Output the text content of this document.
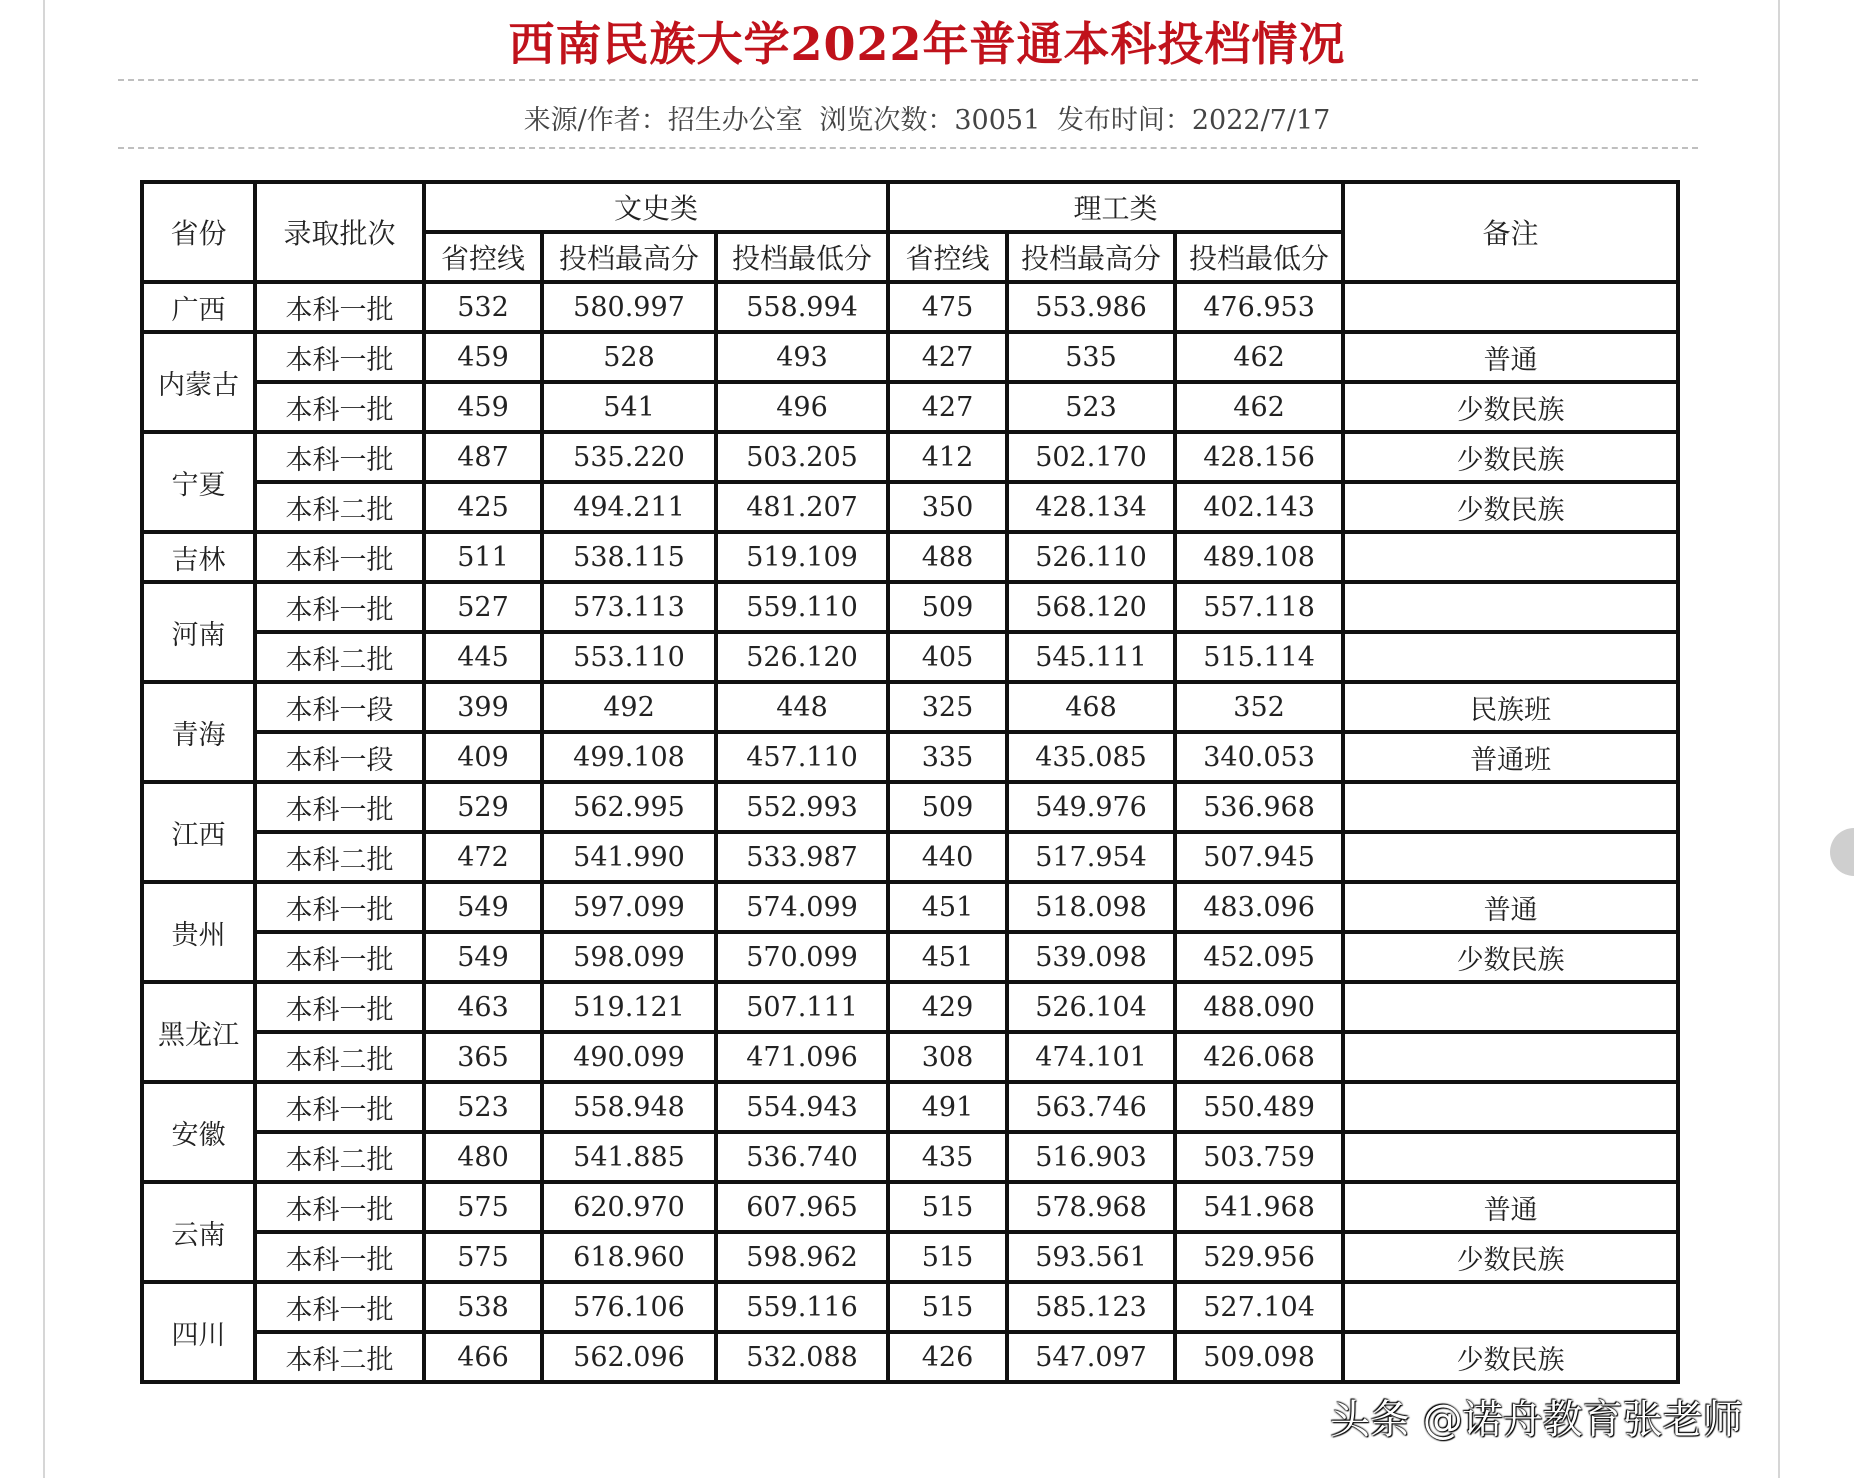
西南民族大学2022年普通本科投档情况
来源/作者：招生办公室 浏览次数：30051 发布时间：2022/7/17
省份	录取批次	文史类			理工类			备注
		省控线	投档最高分	投档最低分	省控线	投档最高分	投档最低分	
广西	本科一批	532	580.997	558.994	475	553.986	476.953	
内蒙古	本科一批	459	528	493	427	535	462	普通
	本科一批	459	541	496	427	523	462	少数民族
宁夏	本科一批	487	535.220	503.205	412	502.170	428.156	少数民族
	本科二批	425	494.211	481.207	350	428.134	402.143	少数民族
吉林	本科一批	511	538.115	519.109	488	526.110	489.108	
河南	本科一批	527	573.113	559.110	509	568.120	557.118	
	本科二批	445	553.110	526.120	405	545.111	515.114	
青海	本科一段	399	492	448	325	468	352	民族班
	本科一段	409	499.108	457.110	335	435.085	340.053	普通班
江西	本科一批	529	562.995	552.993	509	549.976	536.968	
	本科二批	472	541.990	533.987	440	517.954	507.945	
贵州	本科一批	549	597.099	574.099	451	518.098	483.096	普通
	本科一批	549	598.099	570.099	451	539.098	452.095	少数民族
黑龙江	本科一批	463	519.121	507.111	429	526.104	488.090	
	本科二批	365	490.099	471.096	308	474.101	426.068	
安徽	本科一批	523	558.948	554.943	491	563.746	550.489	
	本科二批	480	541.885	536.740	435	516.903	503.759	
云南	本科一批	575	620.970	607.965	515	578.968	541.968	普通
	本科一批	575	618.960	598.962	515	593.561	529.956	少数民族
四川	本科一批	538	576.106	559.116	515	585.123	527.104	
	本科二批	466	562.096	532.088	426	547.097	509.098	少数民族
头条 @诺舟教育张老师
